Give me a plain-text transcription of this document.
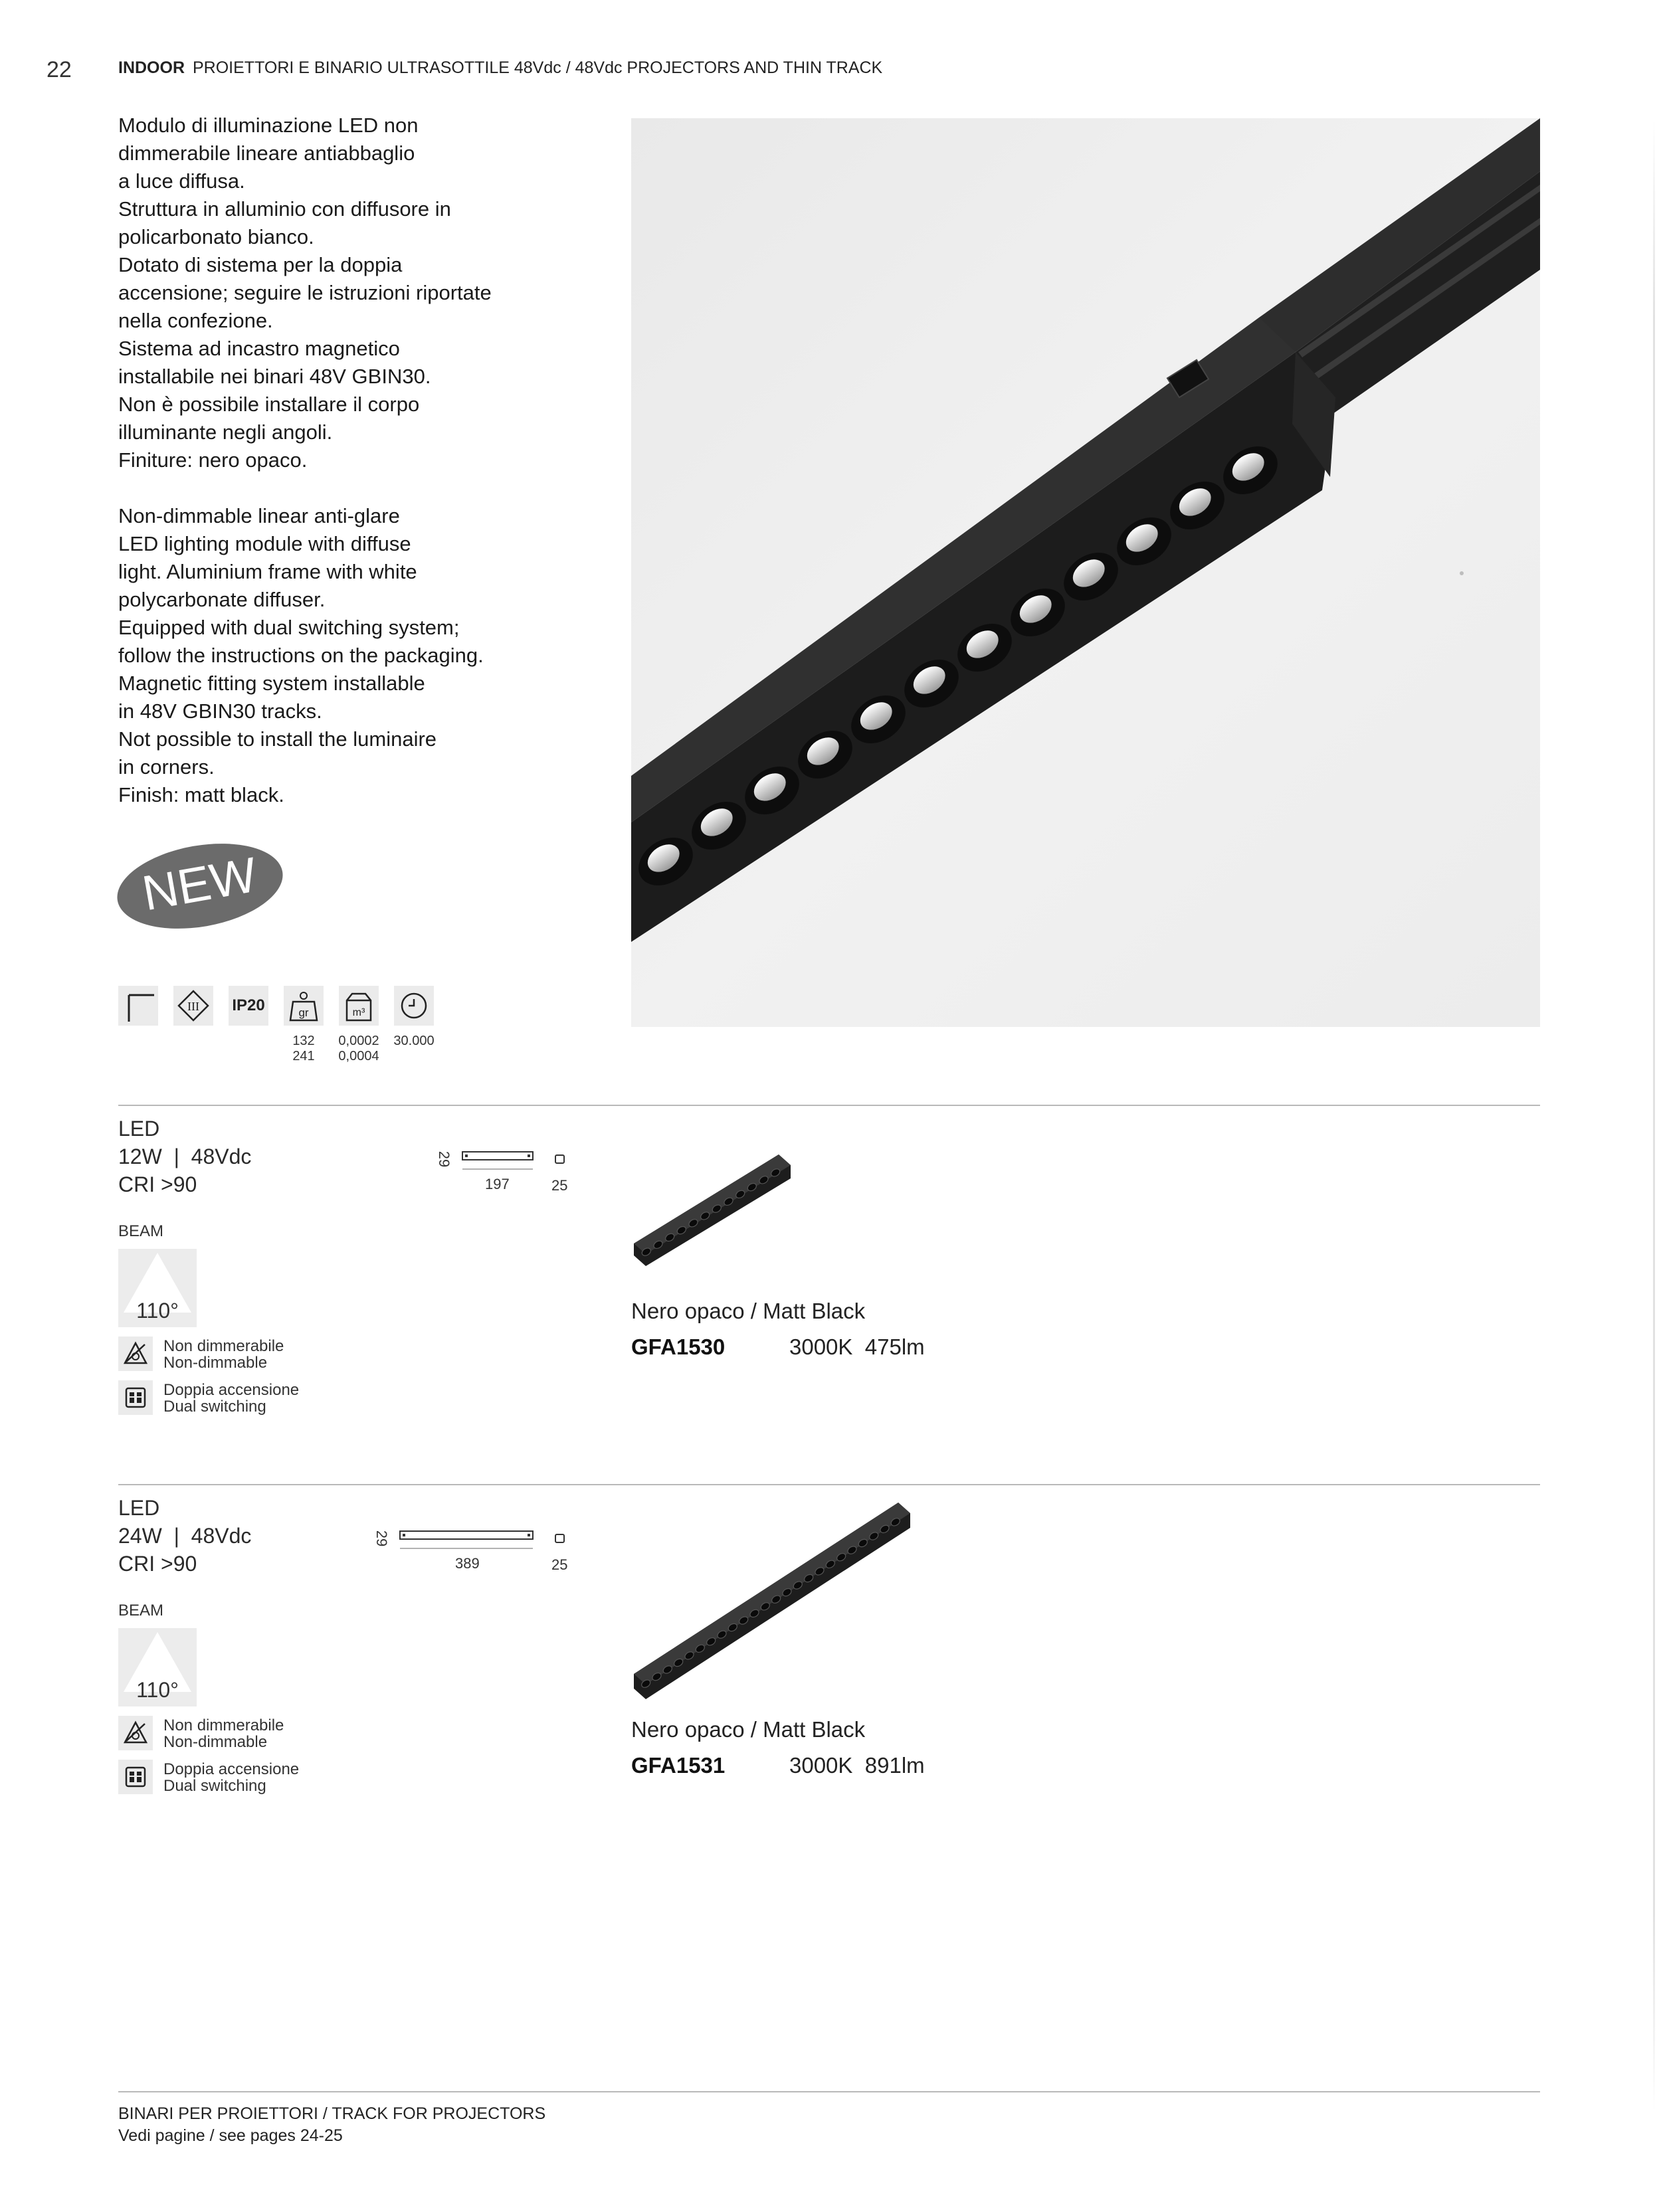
22	INDOOR PROIETTORI E BINARIO ULTRASOTTILE 48Vdc / 48Vdc PROJECTORS AND THIN TRACK

Modulo di illuminazione LED non
dimmerabile lineare antiabbaglio
a luce diffusa.
Struttura in alluminio con diffusore in
policarbonato bianco.
Dotato di sistema per la doppia
accensione; seguire le istruzioni riportate
nella confezione.
Sistema ad incastro magnetico
installabile nei binari 48V GBIN30.
Non è possibile installare il corpo
illuminante negli angoli.
Finiture: nero opaco.

Non-dimmable linear anti-glare
LED lighting module with diffuse
light. Aluminium frame with white
polycarbonate diffuser.
Equipped with dual switching system;
follow the instructions on the packaging.
Magnetic fitting system installable
in 48V GBIN30 tracks.
Not possible to install the luminaire
in corners.
Finish: matt black.

NEW
III IP20	gr	m³
132
241
0,0002
0,0004
30.000
LED
12W  |  48Vdc
CRI >90
29
197	25
BEAM
110°
Non dimmerabile
Non-dimmable
Doppia accensione
Dual switching
Nero opaco / Matt Black
GFA1530	3000K  475lm
LED
24W  |  48Vdc
CRI >90
29
389	25
BEAM
110°
Non dimmerabile
Non-dimmable
Doppia accensione
Dual switching
Nero opaco / Matt Black
GFA1531	3000K  891lm
BINARI PER PROIETTORI / TRACK FOR PROJECTORS
Vedi pagine / see pages 24-25
